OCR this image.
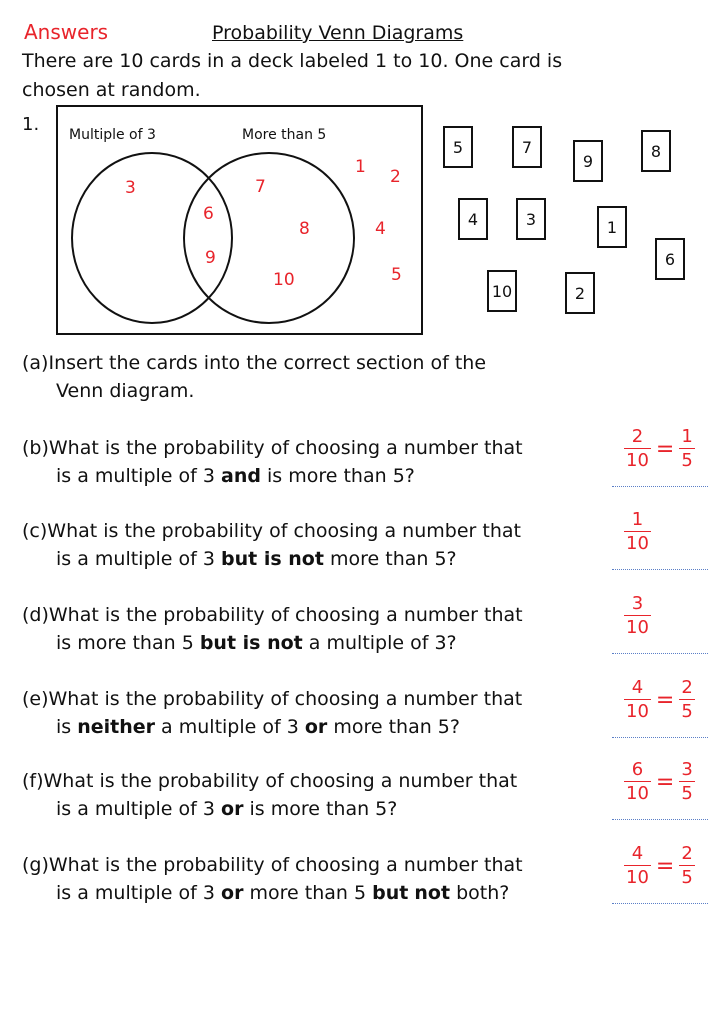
Answers	Probability Venn Diagrams
There are 10 cards in a deck labeled 1 to 10. One card is
chosen at random.
1. Multiple of 3	More than 5
3
6
9
7
8
10
1 2
4
5
5	7
9
8
4	3	1
6
10	2
(a)Insert the cards into the correct section of the
Venn diagram.
(b)What is the probability of choosing a number that
is a multiple of 3 and is more than 5?
(c)What is the probability of choosing a number that
is a multiple of 3 but is not more than 5?
(d)What is the probability of choosing a number that
is more than 5 but is not a multiple of 3?
(e)What is the probability of choosing a number that
is neither a multiple of 3 or more than 5?
(f)What is the probability of choosing a number that
is a multiple of 3 or is more than 5?
(g)What is the probability of choosing a number that
is a multiple of 3 or more than 5 but not both?
$\frac{2}{10} = \frac{1}{5}$
$\frac{1}{10}$
$\frac{3}{10}$
$\frac{4}{10} = \frac{2}{5}$
$\frac{6}{10} = \frac{3}{5}$
$\frac{4}{10} = \frac{2}{5}$
